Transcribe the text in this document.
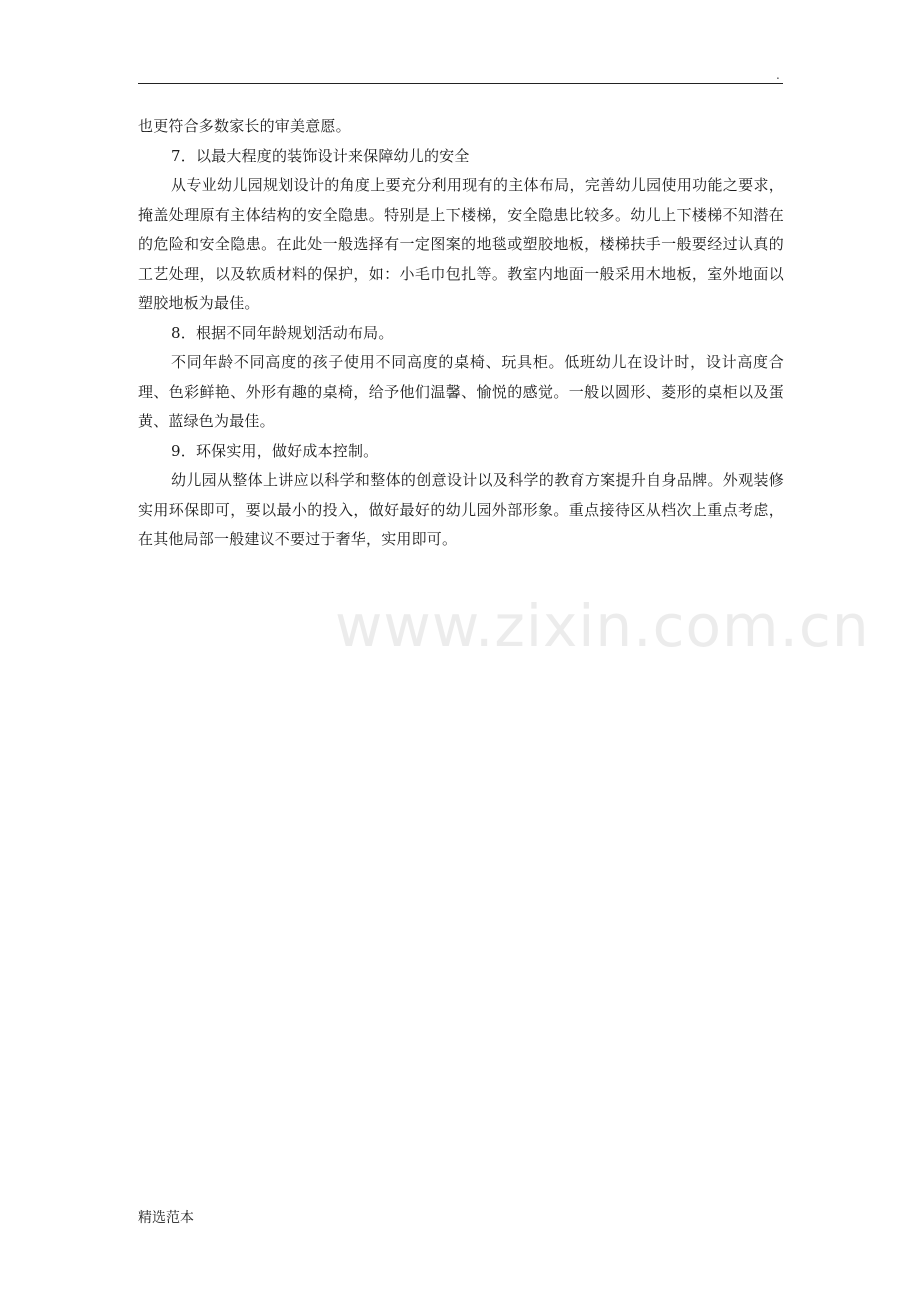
.

也更符合多数家长的审美意愿。

7．以最大程度的装饰设计来保障幼儿的安全

从专业幼儿园规划设计的角度上要充分利用现有的主体布局，完善幼儿园使用功能之要求，掩盖处理原有主体结构的安全隐患。特别是上下楼梯，安全隐患比较多。幼儿上下楼梯不知潜在的危险和安全隐患。在此处一般选择有一定图案的地毯或塑胶地板，楼梯扶手一般要经过认真的工艺处理，以及软质材料的保护，如：小毛巾包扎等。教室内地面一般采用木地板，室外地面以塑胶地板为最佳。

8．根据不同年龄规划活动布局。

不同年龄不同高度的孩子使用不同高度的桌椅、玩具柜。低班幼儿在设计时，设计高度合理、色彩鲜艳、外形有趣的桌椅，给予他们温馨、愉悦的感觉。一般以圆形、菱形的桌柜以及蛋黄、蓝绿色为最佳。

9．环保实用，做好成本控制。

幼儿园从整体上讲应以科学和整体的创意设计以及科学的教育方案提升自身品牌。外观装修实用环保即可，要以最小的投入，做好最好的幼儿园外部形象。重点接待区从档次上重点考虑，在其他局部一般建议不要过于奢华，实用即可。

www.zixin.com.cn
精选范本
